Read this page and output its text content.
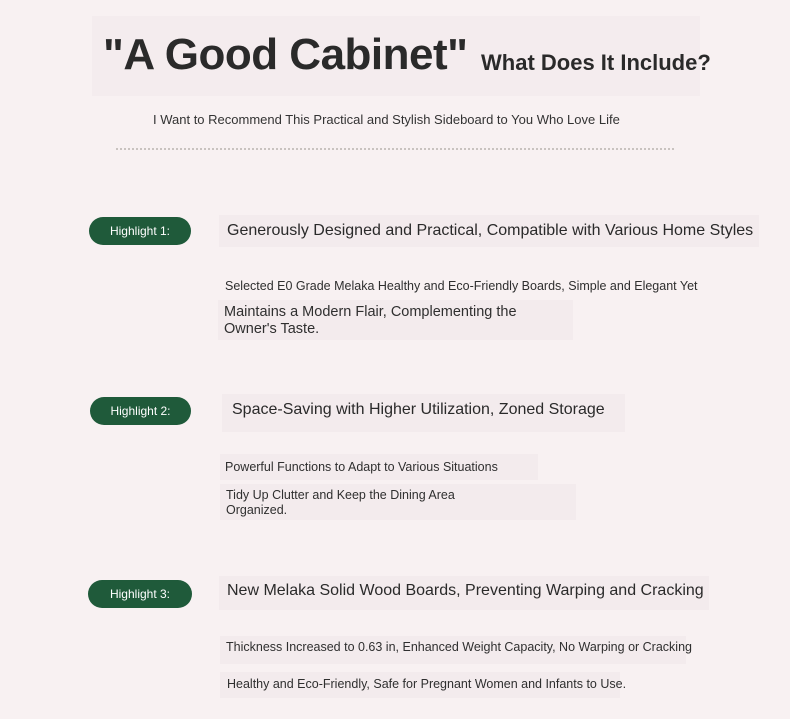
"A Good Cabinet" What Does It Include?
I Want to Recommend This Practical and Stylish Sideboard to You Who Love Life
Highlight 1:	Generously Designed and Practical, Compatible with Various Home Styles
Selected E0 Grade Melaka Healthy and Eco-Friendly Boards, Simple and Elegant Yet
Maintains a Modern Flair, Complementing the Owner's Taste.
Highlight 2:	Space-Saving with Higher Utilization, Zoned Storage
Powerful Functions to Adapt to Various Situations
Tidy Up Clutter and Keep the Dining Area Organized.
Highlight 3:	New Melaka Solid Wood Boards, Preventing Warping and Cracking
Thickness Increased to 0.63 in, Enhanced Weight Capacity, No Warping or Cracking
Healthy and Eco-Friendly, Safe for Pregnant Women and Infants to Use.
